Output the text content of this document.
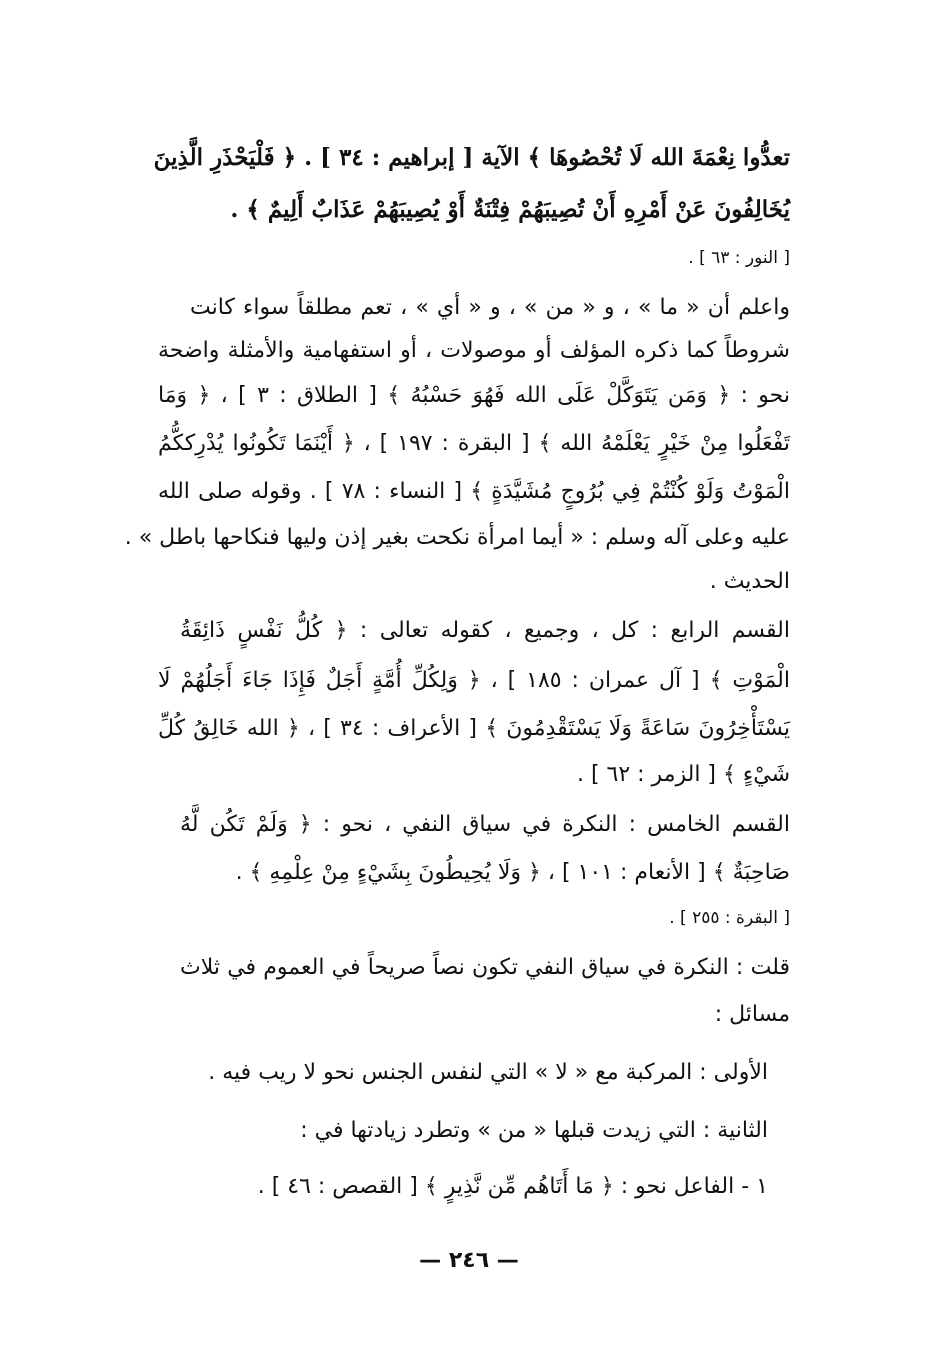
تعدُّوا نِعْمَةَ الله لَا تُحْصُوهَا ﴾ الآية [ إبراهيم : ٣٤ ] . ﴿ فَلْيَحْذَرِ الَّذِينَ
يُخَالِفُونَ عَنْ أَمْرِهِ أَنْ تُصِيبَهُمْ فِتْنَةٌ أَوْ يُصِيبَهُمْ عَذَابٌ أَلِيمٌ ﴾ .
[ النور : ٦٣ ] .
واعلم أن « ما » ، و « من » ، و « أي » ، تعم مطلقاً سواء كانت
شروطاً كما ذكره المؤلف أو موصولات ، أو استفهامية والأمثلة واضحة
نحو : ﴿ وَمَن يَتَوَكَّلْ عَلَى الله فَهُوَ حَسْبُهُ ﴾ [ الطلاق : ٣ ] ، ﴿ وَمَا
تَفْعَلُوا مِنْ خَيْرٍ يَعْلَمْهُ الله ﴾ [ البقرة : ١٩٧ ] ، ﴿ أَيْنَمَا تَكُونُوا يُدْرِككُّمُ
الْمَوْتُ وَلَوْ كُنْتُمْ فِي بُرُوجٍ مُشَيَّدَةٍ ﴾ [ النساء : ٧٨ ] . وقوله صلى الله
عليه وعلى آله وسلم : « أيما امرأة نكحت بغير إذن وليها فنكاحها باطل » .
الحديث .
القسم الرابع : كل ، وجميع ، كقوله تعالى : ﴿ كُلُّ نَفْسٍ ذَائِقَةُ
الْمَوْتِ ﴾ [ آل عمران : ١٨٥ ] ، ﴿ وَلِكُلِّ أُمَّةٍ أَجَلٌ فَإِذَا جَاءَ أَجَلُهُمْ لَا
يَسْتَأْخِرُونَ سَاعَةً وَلَا يَسْتَقْدِمُونَ ﴾ [ الأعراف : ٣٤ ] ، ﴿ الله خَالِقُ كُلِّ
شَيْءٍ ﴾ [ الزمر : ٦٢ ] .
القسم الخامس : النكرة في سياق النفي ، نحو : ﴿ وَلَمْ تَكُن لَّهُ
صَاحِبَةٌ ﴾ [ الأنعام : ١٠١ ] ، ﴿ وَلَا يُحِيطُونَ بِشَيْءٍ مِنْ عِلْمِهِ ﴾ .
[ البقرة : ٢٥٥ ] .
قلت : النكرة في سياق النفي تكون نصاً صريحاً في العموم في ثلاث
مسائل :
الأولى : المركبة مع « لا » التي لنفس الجنس نحو لا ريب فيه .
الثانية : التي زيدت قبلها « من » وتطرد زيادتها في :
١ - الفاعل نحو : ﴿ مَا أَتَاهُم مِّن نَّذِيرٍ ﴾ [ القصص : ٤٦ ] .
— ٢٤٦ —
